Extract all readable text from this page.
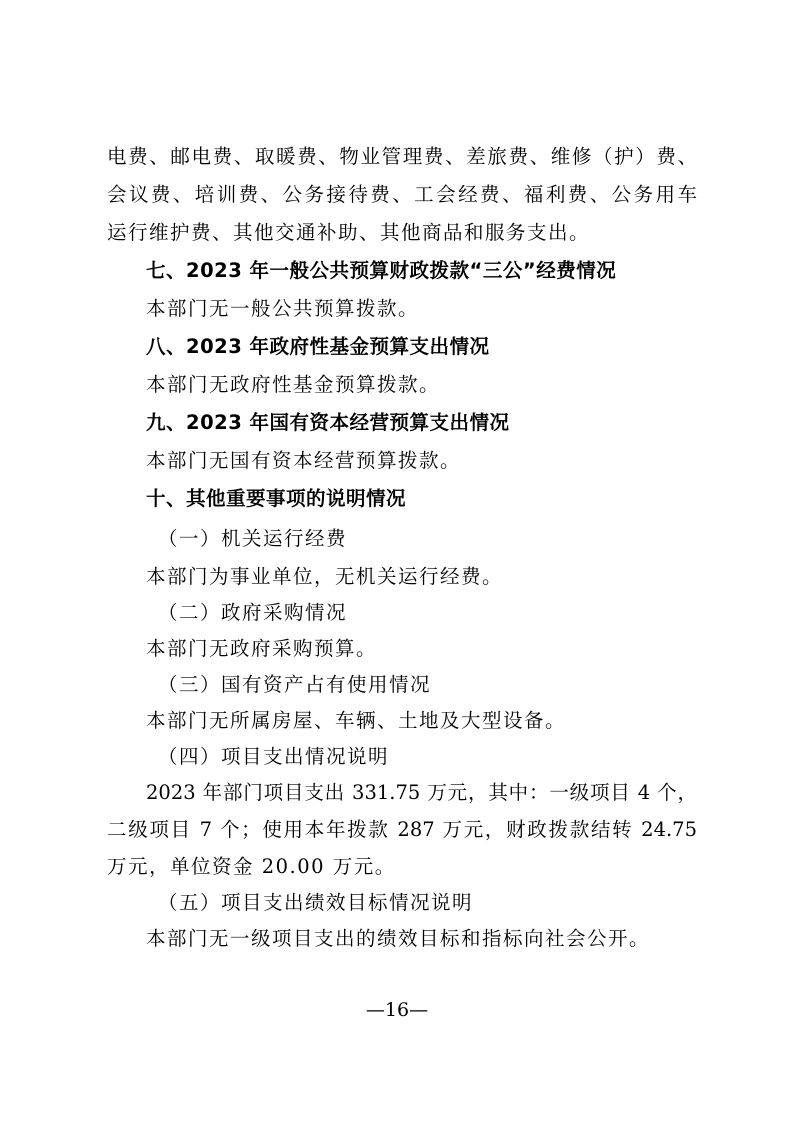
电费、邮电费、取暖费、物业管理费、差旅费、维修（护）费、
会议费、培训费、公务接待费、工会经费、福利费、公务用车
运行维护费、其他交通补助、其他商品和服务支出。
七、2023 年一般公共预算财政拨款“三公”经费情况
本部门无一般公共预算拨款。
八、2023 年政府性基金预算支出情况
本部门无政府性基金预算拨款。
九、2023 年国有资本经营预算支出情况
本部门无国有资本经营预算拨款。
十、其他重要事项的说明情况
（一）机关运行经费
本部门为事业单位，无机关运行经费。
（二）政府采购情况
本部门无政府采购预算。
（三）国有资产占有使用情况
本部门无所属房屋、车辆、土地及大型设备。
（四）项目支出情况说明
2023 年部门项目支出 331.75 万元，其中：一级项目 4 个，
二级项目 7 个；使用本年拨款 287 万元，财政拨款结转 24.75
万元，单位资金 20.00 万元。
（五）项目支出绩效目标情况说明
本部门无一级项目支出的绩效目标和指标向社会公开。
—16—
